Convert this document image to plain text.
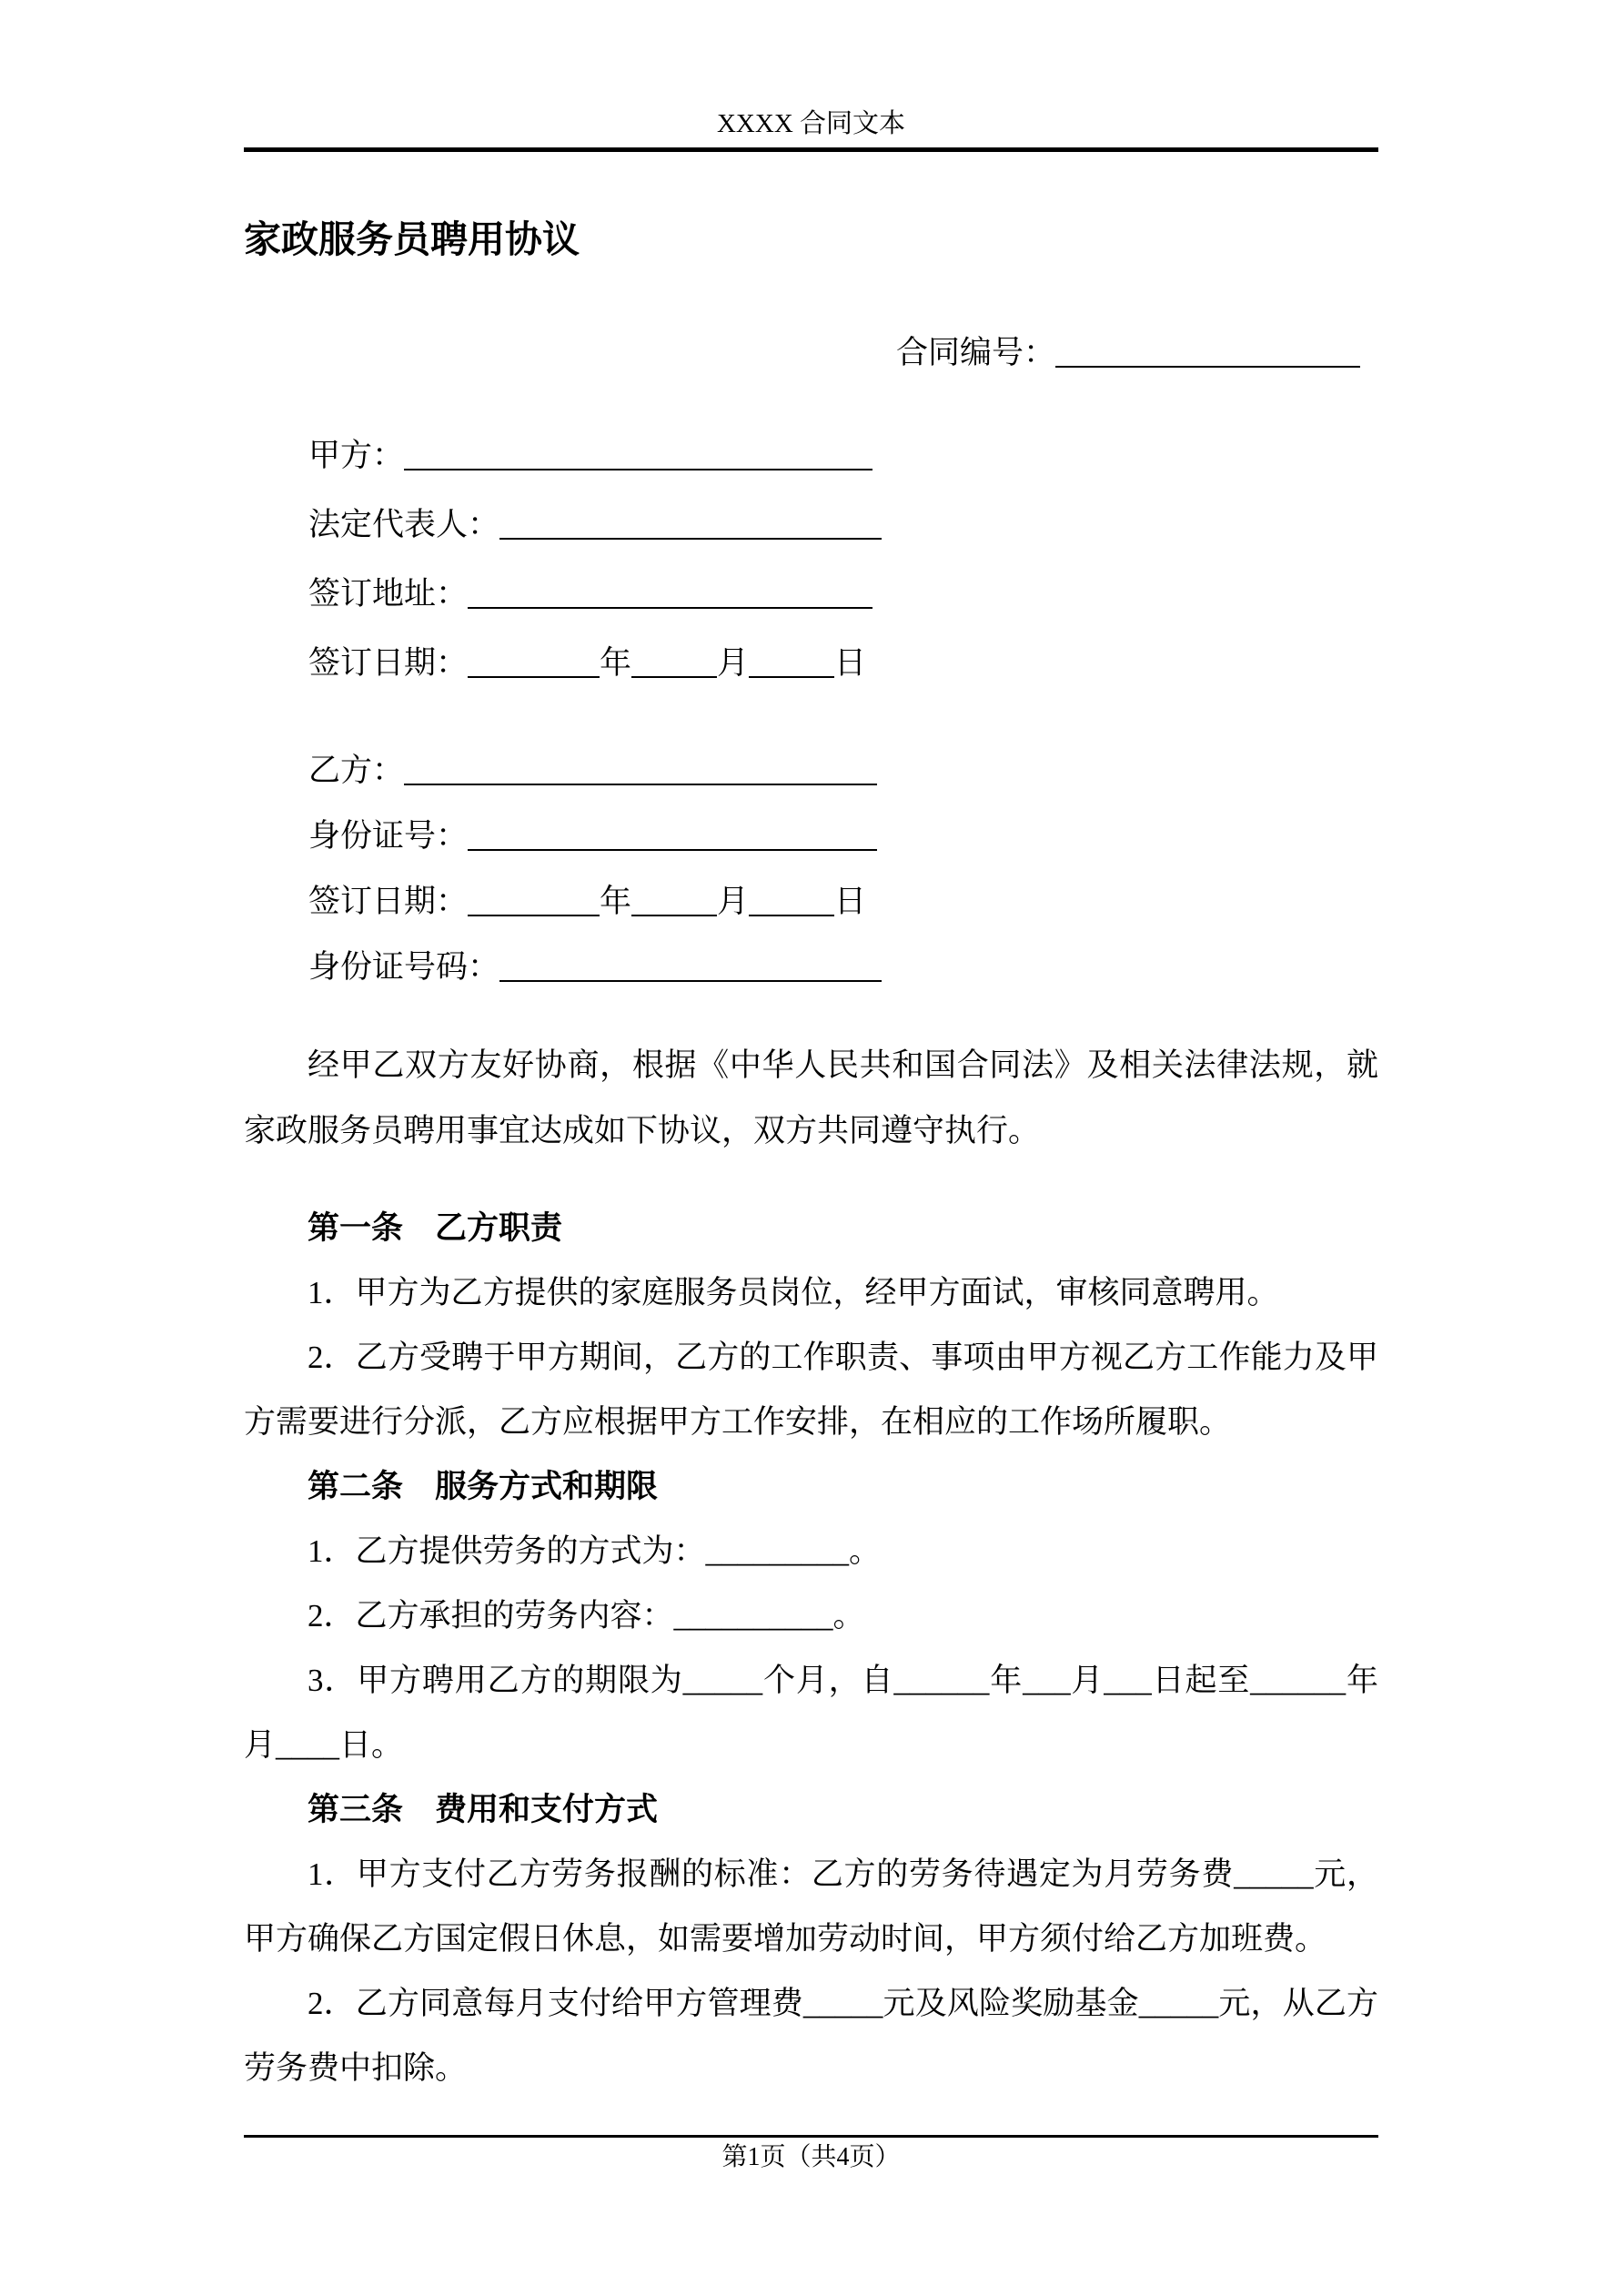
XXXX 合同文本
家政服务员聘用协议
合同编号：
甲方：
法定代表人：
签订地址：
签订日期：	年	月	日
乙方：
身份证号：
签订日期：	年	月	日
身份证号码：

经甲乙双方友好协商，根据《中华人民共和国合同法》及相关法律法规，就家政服务员聘用事宜达成如下协议，双方共同遵守执行。

第一条　乙方职责

1．甲方为乙方提供的家庭服务员岗位，经甲方面试，审核同意聘用。

2．乙方受聘于甲方期间，乙方的工作职责、事项由甲方视乙方工作能力及甲方需要进行分派，乙方应根据甲方工作安排，在相应的工作场所履职。

第二条　服务方式和期限

1．乙方提供劳务的方式为：_________。

2．乙方承担的劳务内容：__________。

3．甲方聘用乙方的期限为_____个月，自______年___月___日起至______年月____日。

第三条　费用和支付方式

1．甲方支付乙方劳务报酬的标准：乙方的劳务待遇定为月劳务费_____元，甲方确保乙方国定假日休息，如需要增加劳动时间，甲方须付给乙方加班费。

2．乙方同意每月支付给甲方管理费_____元及风险奖励基金_____元，从乙方劳务费中扣除。

第1页（共4页）
